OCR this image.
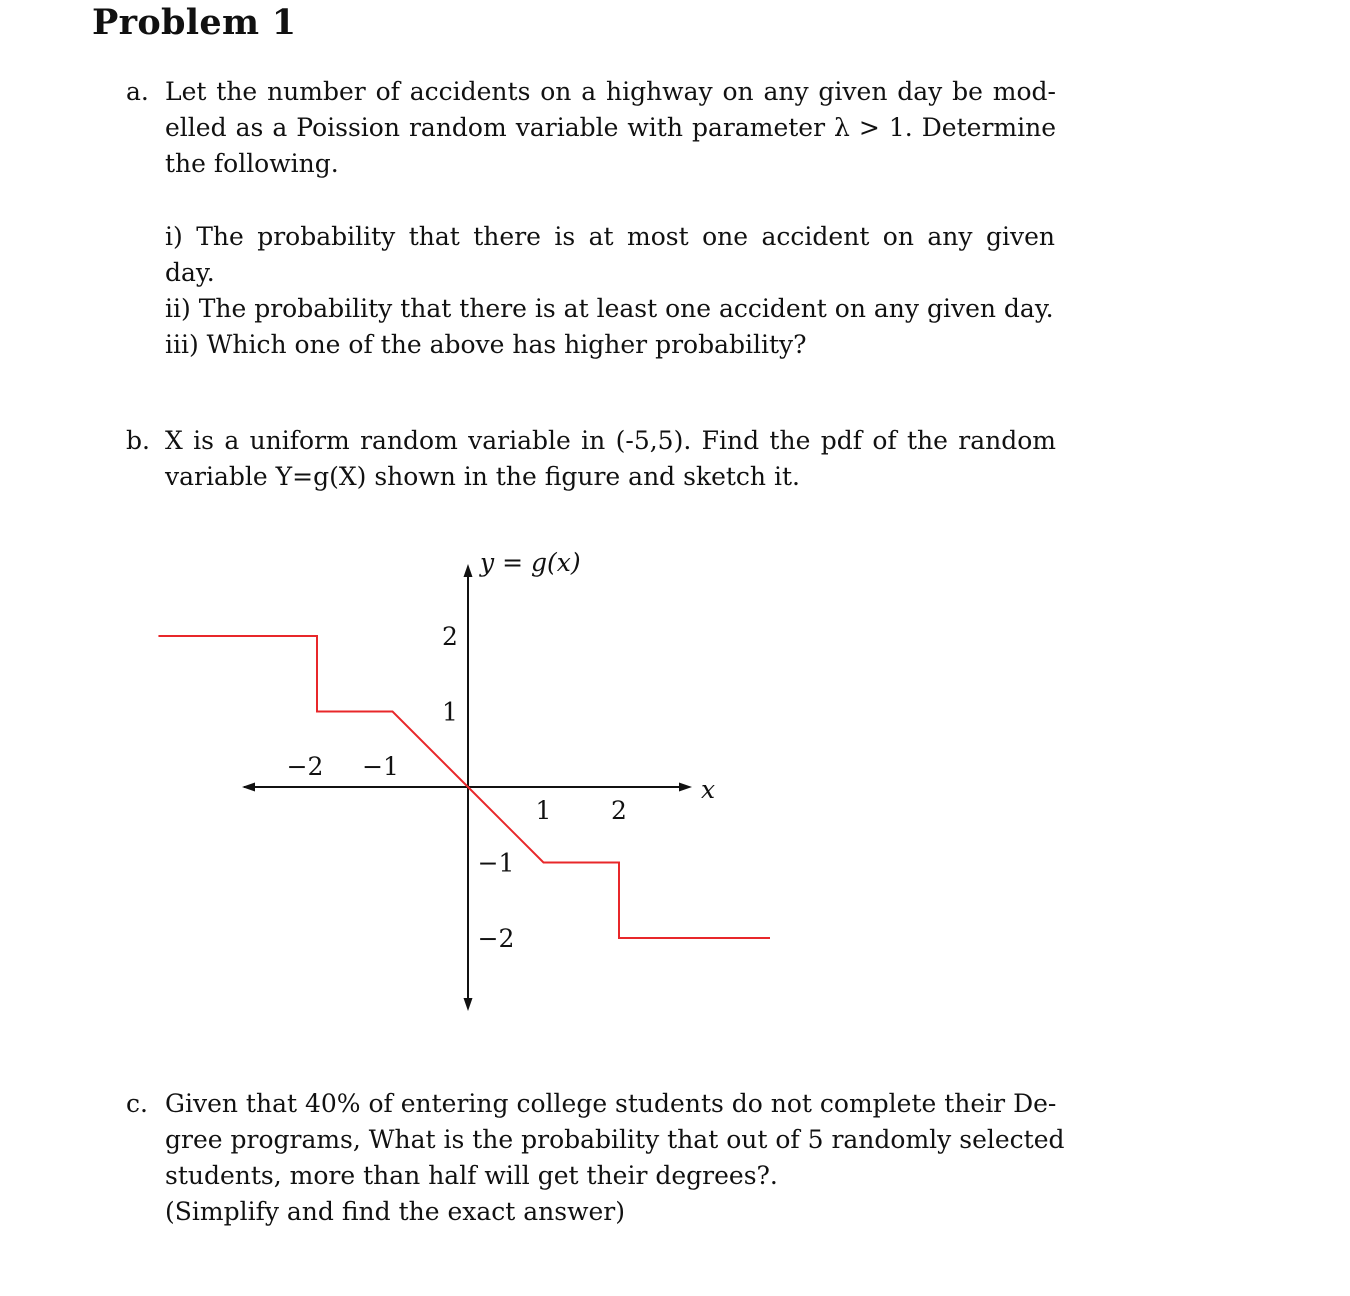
Problem 1
a. Let the number of accidents on a highway on any given day be mod-
elled as a Poission random variable with parameter λ > 1. Determine
the following.
i) The probability that there is at most one accident on any given
day.
ii) The probability that there is at least one accident on any given day.
iii) Which one of the above has higher probability?
b. X is a uniform random variable in (-5,5). Find the pdf of the random
variable Y=g(X) shown in the figure and sketch it.
x
y = g(x)
−2 −1
1 2
2
1
−1
−2
c. Given that 40% of entering college students do not complete their De-
gree programs, What is the probability that out of 5 randomly selected
students, more than half will get their degrees?.
(Simplify and find the exact answer)
